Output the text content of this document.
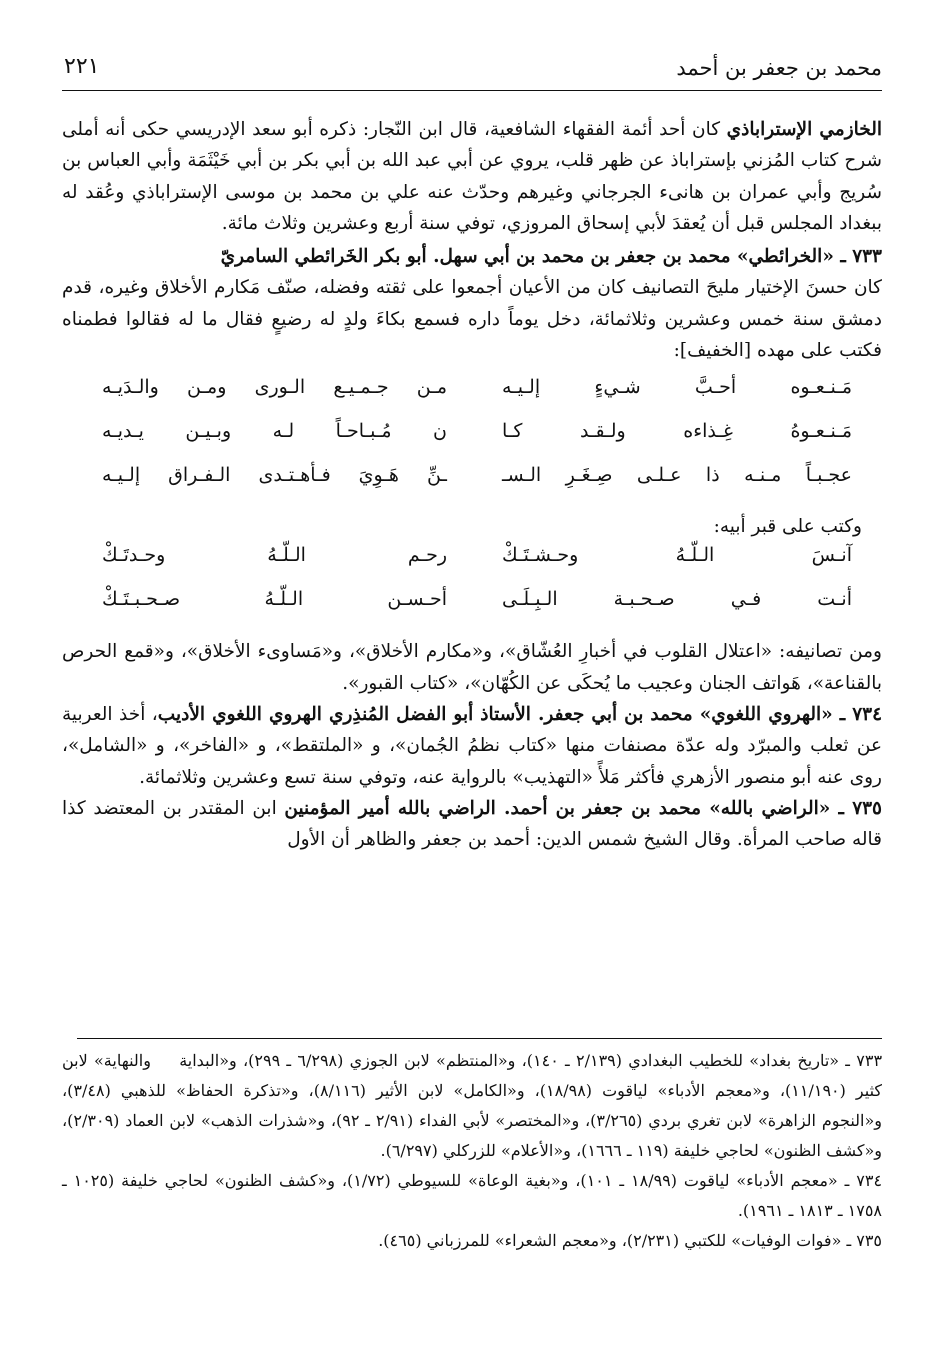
محمد بن جعفر بن أحمد
٢٢١

الخازمي الإستراباذي كان أحد أئمة الفقهاء الشافعية، قال ابن النّجار: ذكره أبو سعد الإدريسي حكى أنه أملى شرح كتاب المُزني بإستراباذ عن ظهر قلب، يروي عن أبي عبد الله بن أبي بكر بن أبي خَيْثَمَة وأبي العباس بن سُريج وأبي عمران بن هانىء الجرجاني وغيرهم وحدّث عنه علي بن محمد بن موسى الإستراباذي وعُقد له ببغداد المجلس قبل أن يُعقدَ لأبي إسحاق المروزي، توفي سنة أربع وعشرين وثلاث مائة.

٧٣٣ ـ «الخرائطي» محمد بن جعفر بن محمد بن أبي سهل. أبو بكر الخَرائطي السامريّ

كان حسنَ الإختيار مليحَ التصانيف كان من الأعيان أجمعوا على ثقته وفضله، صنّف مَكارم الأخلاق وغيره، قدم دمشق سنة خمس وعشرين وثلاثمائة، دخل يوماً داره فسمع بكاءَ ولدٍ له رضيعٍ فقال ما له فقالوا فطمناه فكتب على مهده [الخفيف]:

مَـنـعـوه أحـبَّ شـيءٍ إلـيـه
مـن جـمـيـع الـورى ومـن والـدَيـه
مَـنـعـوهُ غِـذاءه ولـقـد كـا
ن مُـبـاحـاً لـه وبـيـن يـديـه
عجـبـاً مـنـه ذا عـلـى صِـغَـرِ الـسـ
ـنِّ هَـوِيَ فـأهـتـدى الـفـراق إلـيـه
وكتب على قبر أبيه:
آنـسَ الـلّـهُ وحـشـتَـكْ
رحـم الـلّـهُ وحـدتَـكْ
أنـت فـي صـحـبـة الـبِـلَـى
أحـسـن الـلّـهُ صـحـبـتَـكْ

ومن تصانيفه: «اعتلال القلوب في أخبارِ العُشّاق»، و«مكارم الأخلاق»، و«مَساوىء الأخلاق»، و«قمع الحرص بالقناعة»، هَواتف الجنان وعجيب ما يُحكَى عن الكُهّان»، «كتاب القبور».

٧٣٤ ـ «الهروي اللغوي» محمد بن أبي جعفر. الأستاذ أبو الفضل المُنذِري الهروي اللغوي الأديب، أخذ العربية عن ثعلب والمبرّد وله عدّة مصنفات منها «كتاب نظمُ الجُمان»، و «الملتقط»، و «الفاخر»، و «الشامل»، روى عنه أبو منصور الأزهري فأكثر مَلأً «التهذيب» بالرواية عنه، وتوفي سنة تسع وعشرين وثلاثمائة.

٧٣٥ ـ «الراضي بالله» محمد بن جعفر بن أحمد. الراضي بالله أمير المؤمنين ابن المقتدر بن المعتضد كذا قاله صاحب المرأة. وقال الشيخ شمس الدين: أحمد بن جعفر والظاهر أن الأول

٧٣٣ ـ «تاريخ بغداد» للخطيب البغدادي (٢/١٣٩ ـ ١٤٠)، و«المنتظم» لابن الجوزي (٦/٢٩٨ ـ ٢٩٩)، و«البداية والنهاية» لابن كثير (١١/١٩٠)، و«معجم الأدباء» لياقوت (١٨/٩٨)، و«الكامل» لابن الأثير (٨/١١٦)، و«تذكرة الحفاظ» للذهبي (٣/٤٨)، و«النجوم الزاهرة» لابن تغري بردي (٣/٢٦٥)، و«المختصر» لأبي الفداء (٢/٩١ ـ ٩٢)، و«شذرات الذهب» لابن العماد (٢/٣٠٩)، و«كشف الظنون» لحاجي خليفة (١١٩ ـ ١٦٦٦)، و«الأعلام» للزركلي (٦/٢٩٧).

٧٣٤ ـ «معجم الأدباء» لياقوت (١٨/٩٩ ـ ١٠١)، و«بغية الوعاة» للسيوطي (١/٧٢)، و«كشف الظنون» لحاجي خليفة (١٠٢٥ ـ ١٧٥٨ ـ ١٨١٣ ـ ١٩٦١).

٧٣٥ ـ «فوات الوفيات» للكتبي (٢/٢٣١)، و«معجم الشعراء» للمرزباني (٤٦٥).
